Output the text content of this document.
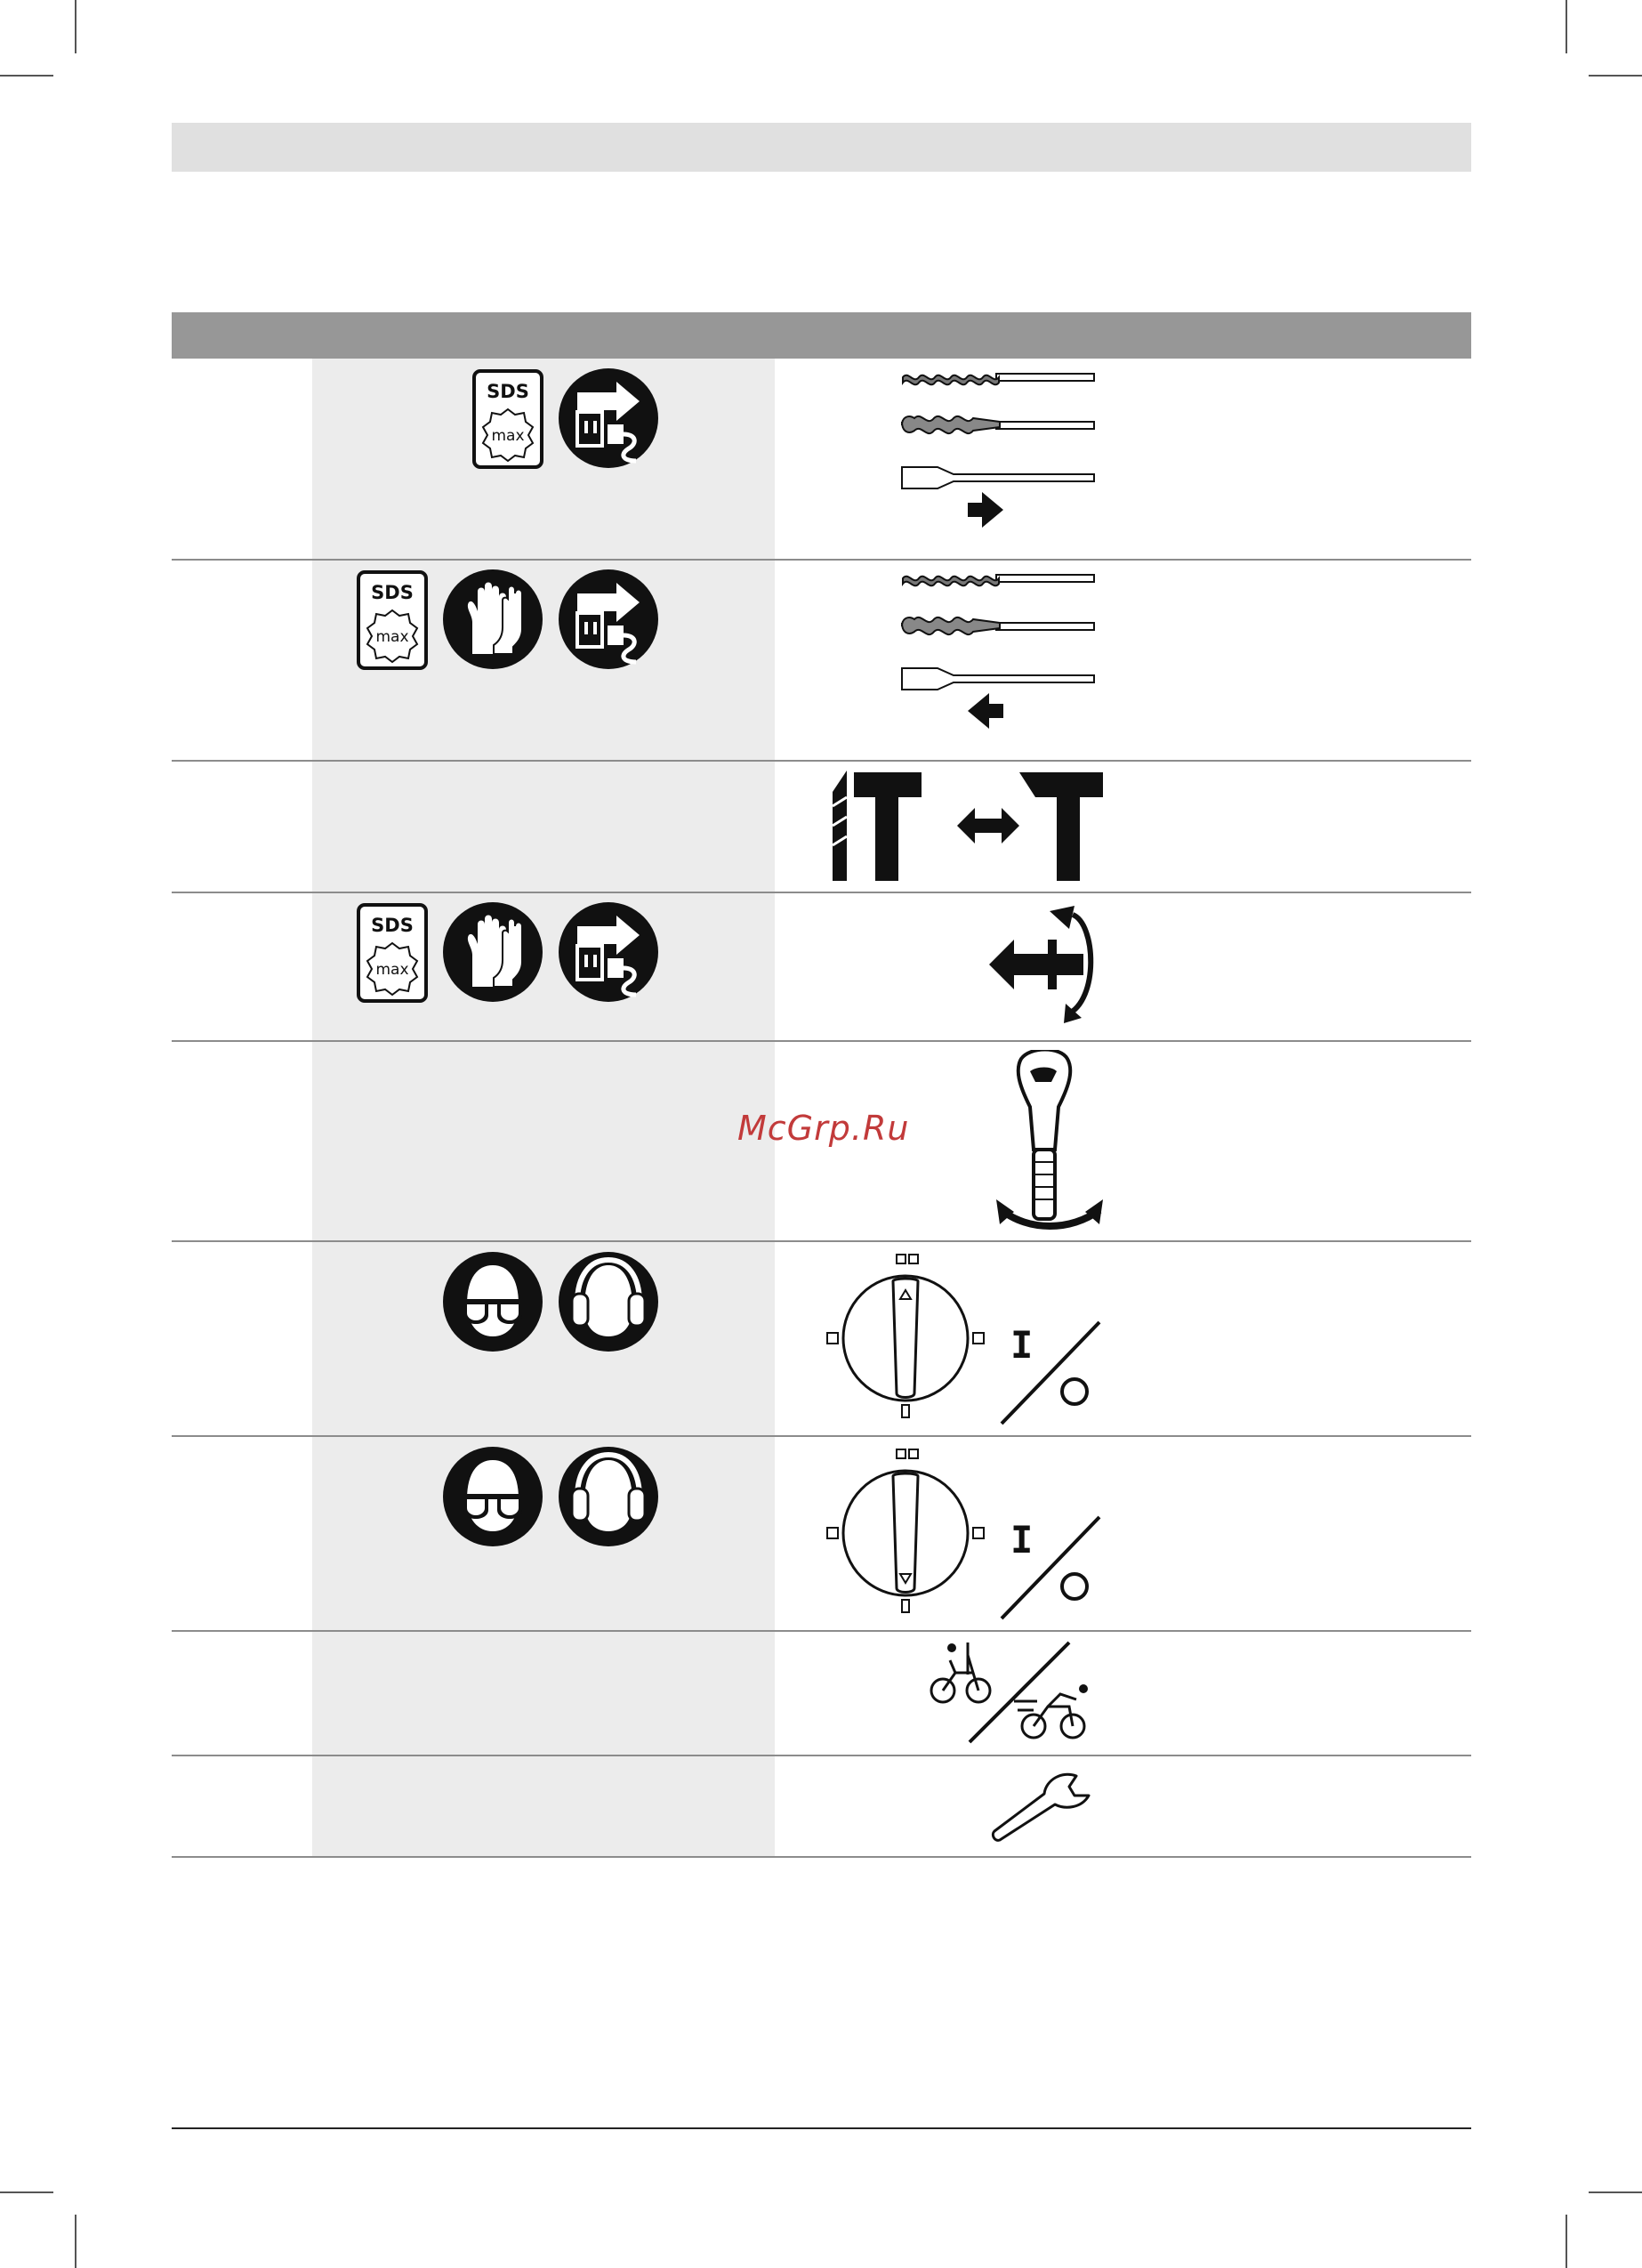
SDS
max
SDS
max
SDS
max
McGrp.Ru
I
I
